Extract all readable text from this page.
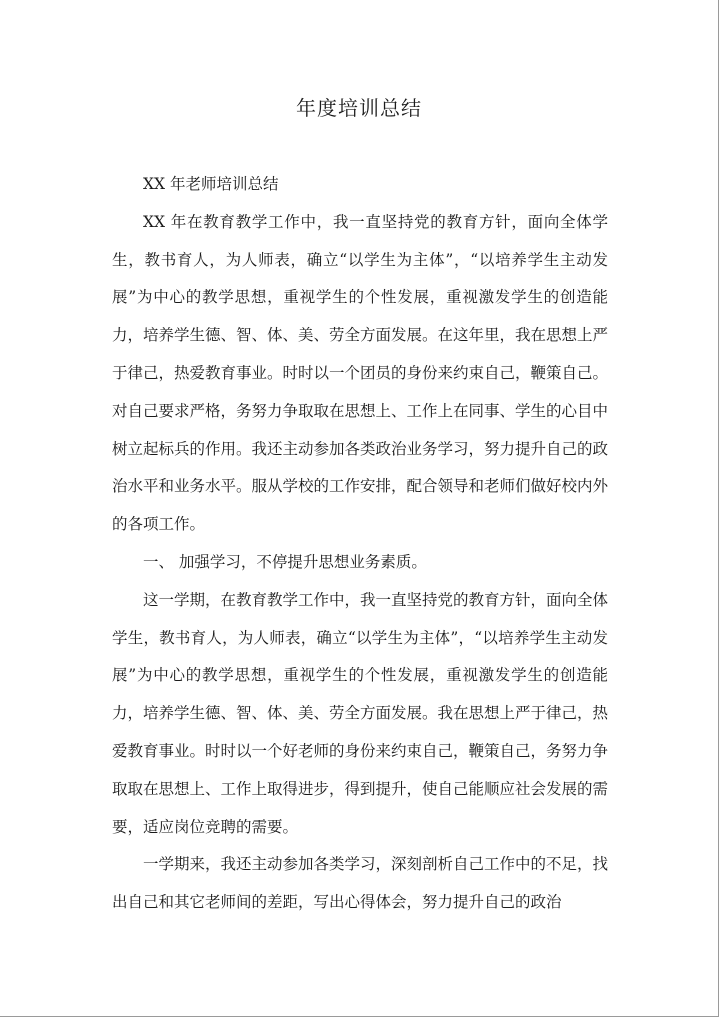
年度培训总结

XX 年老师培训总结

XX 年在教育教学工作中，我一直坚持党的教育方针，面向全体学生，教书育人，为人师表，确立“以学生为主体”，“以培养学生主动发展”为中心的教学思想，重视学生的个性发展，重视激发学生的创造能力，培养学生德、智、体、美、劳全方面发展。在这年里，我在思想上严于律己，热爱教育事业。时时以一个团员的身份来约束自己，鞭策自己。对自己要求严格，务努力争取取在思想上、工作上在同事、学生的心目中树立起标兵的作用。我还主动参加各类政治业务学习，努力提升自己的政治水平和业务水平。服从学校的工作安排，配合领导和老师们做好校内外的各项工作。

一、 加强学习，不停提升思想业务素质。

这一学期，在教育教学工作中，我一直坚持党的教育方针，面向全体学生，教书育人，为人师表，确立“以学生为主体”，“以培养学生主动发展”为中心的教学思想，重视学生的个性发展，重视激发学生的创造能力，培养学生德、智、体、美、劳全方面发展。我在思想上严于律己，热爱教育事业。时时以一个好老师的身份来约束自己，鞭策自己，务努力争取取在思想上、工作上取得进步，得到提升，使自己能顺应社会发展的需要，适应岗位竞聘的需要。

一学期来，我还主动参加各类学习，深刻剖析自己工作中的不足，找出自己和其它老师间的差距，写出心得体会，努力提升自己的政治
